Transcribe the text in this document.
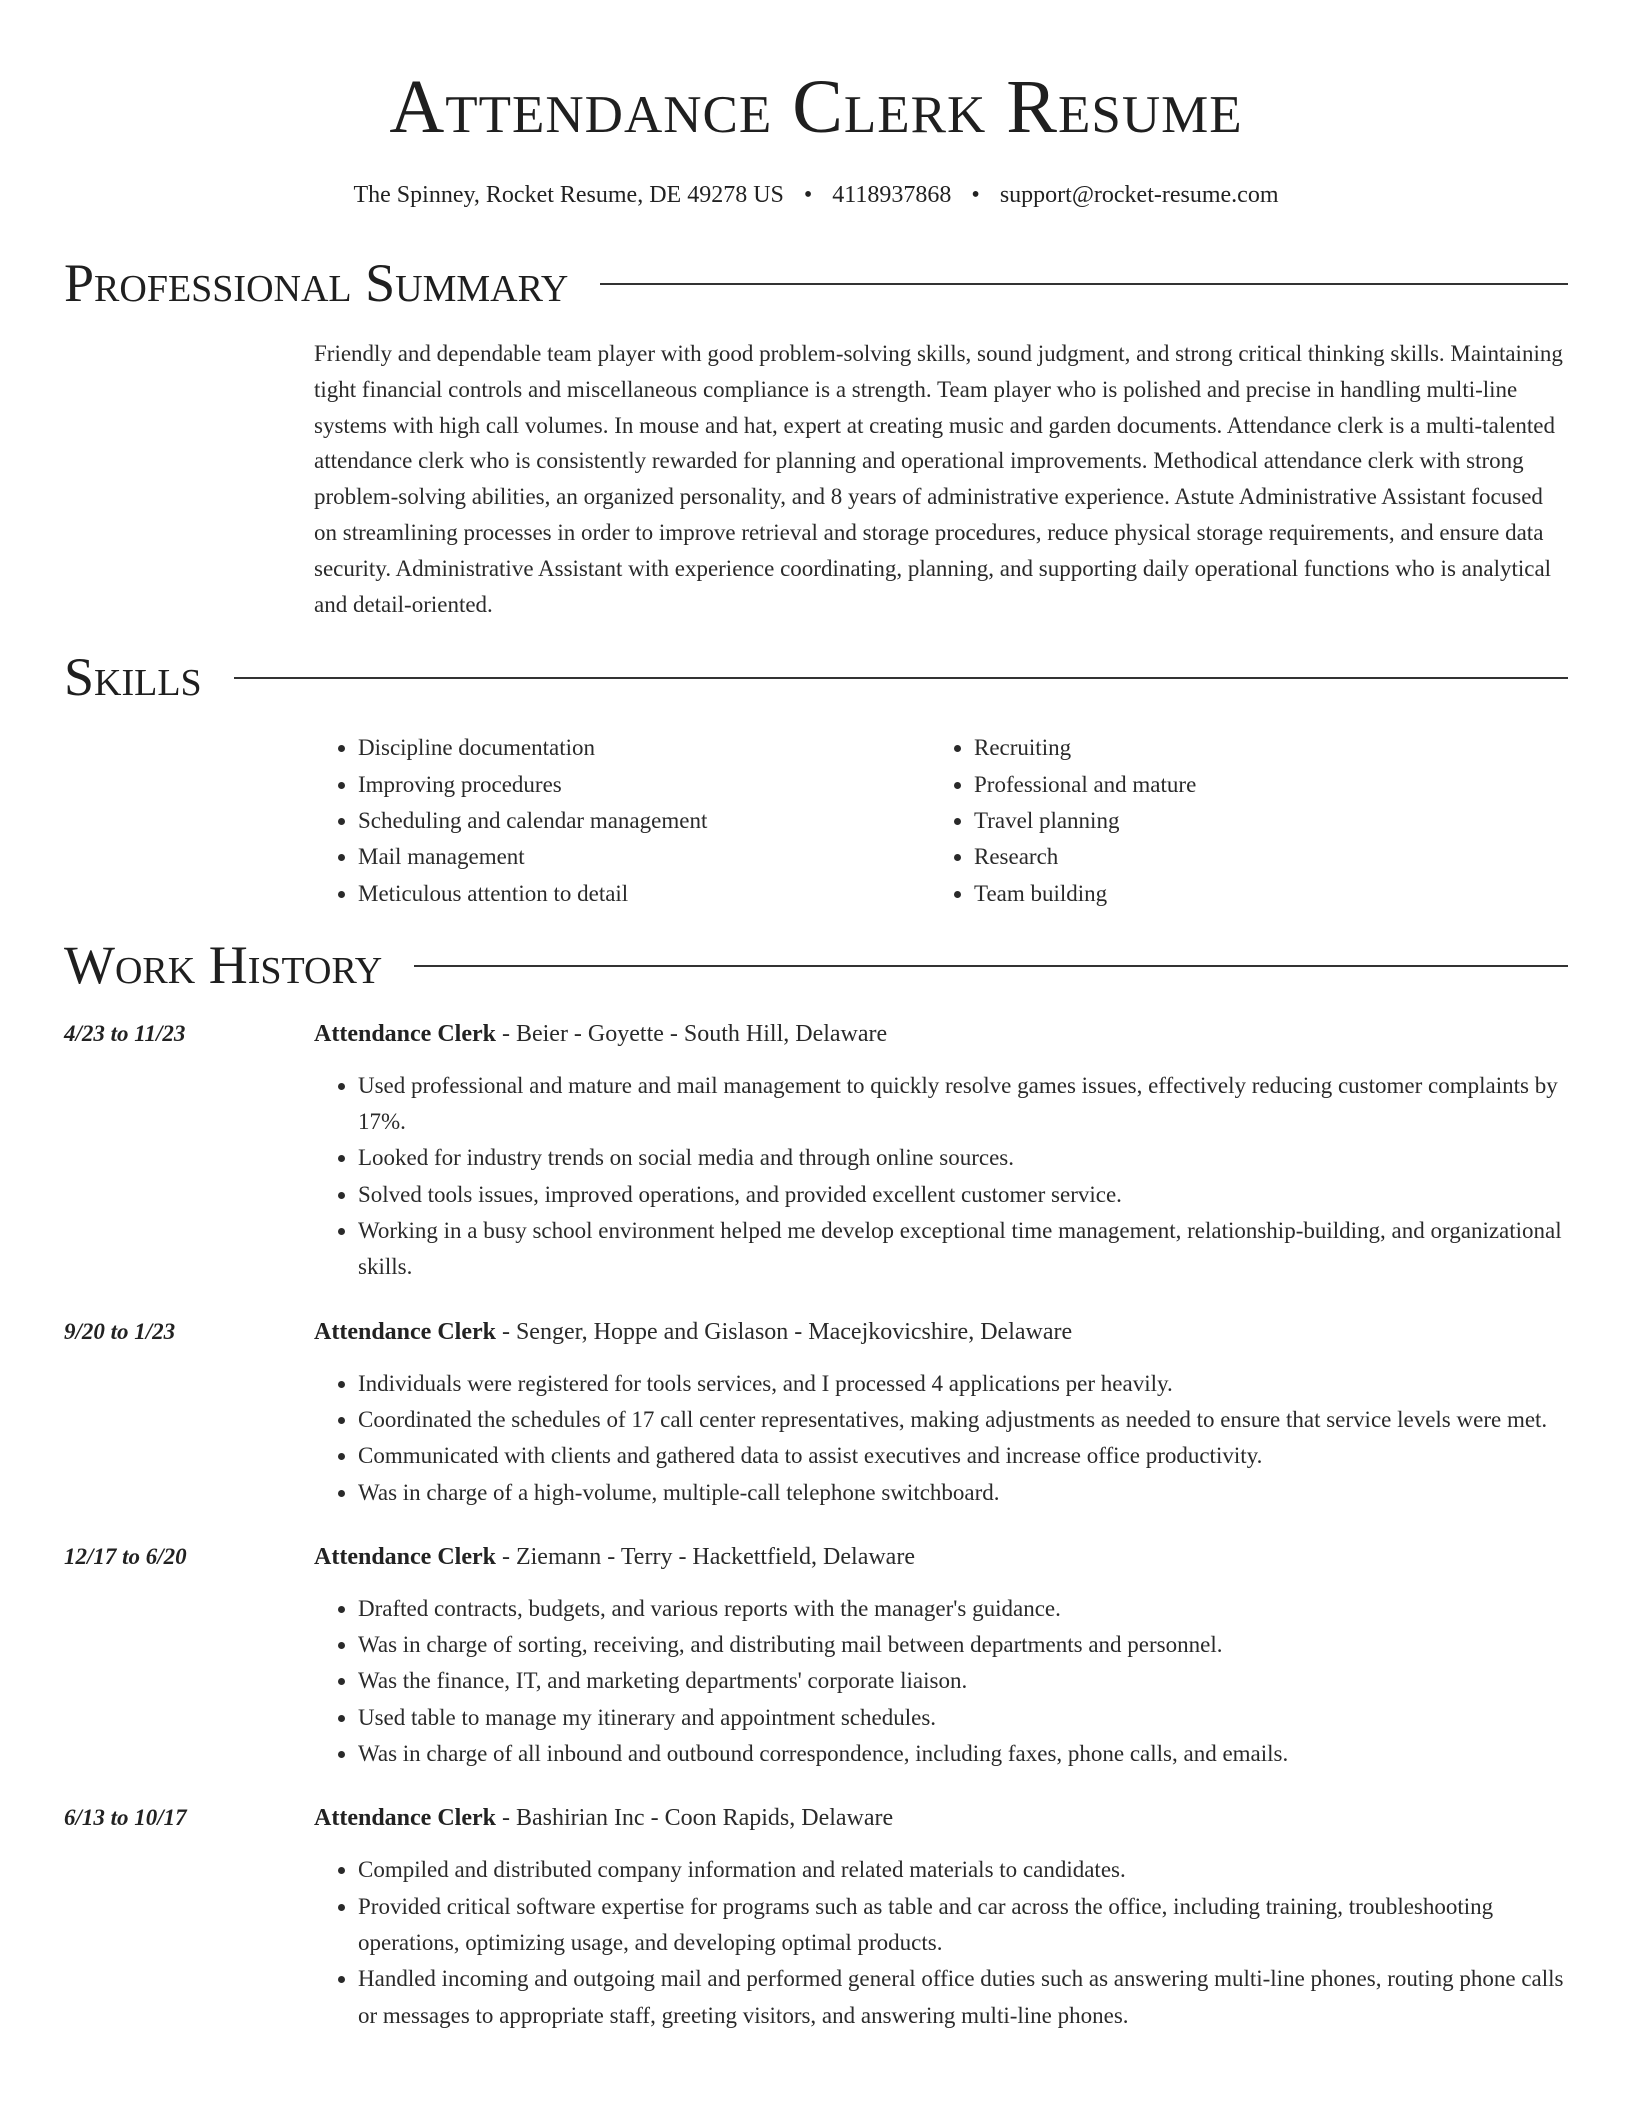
Attendance Clerk Resume
The Spinney, Rocket Resume, DE 49278 US • 4118937868 • support@rocket-resume.com
Professional Summary
Friendly and dependable team player with good problem-solving skills, sound judgment, and strong critical thinking skills. Maintaining tight financial controls and miscellaneous compliance is a strength. Team player who is polished and precise in handling multi-line systems with high call volumes. In mouse and hat, expert at creating music and garden documents. Attendance clerk is a multi-talented attendance clerk who is consistently rewarded for planning and operational improvements. Methodical attendance clerk with strong problem-solving abilities, an organized personality, and 8 years of administrative experience. Astute Administrative Assistant focused on streamlining processes in order to improve retrieval and storage procedures, reduce physical storage requirements, and ensure data security. Administrative Assistant with experience coordinating, planning, and supporting daily operational functions who is analytical and detail-oriented.
Skills
• Discipline documentation
• Improving procedures
• Scheduling and calendar management
• Mail management
• Meticulous attention to detail
• Recruiting
• Professional and mature
• Travel planning
• Research
• Team building
Work History
4/23 to 11/23	Attendance Clerk - Beier - Goyette - South Hill, Delaware
• Used professional and mature and mail management to quickly resolve games issues, effectively reducing customer complaints by 17%.
• Looked for industry trends on social media and through online sources.
• Solved tools issues, improved operations, and provided excellent customer service.
• Working in a busy school environment helped me develop exceptional time management, relationship-building, and organizational skills.
9/20 to 1/23	Attendance Clerk - Senger, Hoppe and Gislason - Macejkovicshire, Delaware
• Individuals were registered for tools services, and I processed 4 applications per heavily.
• Coordinated the schedules of 17 call center representatives, making adjustments as needed to ensure that service levels were met.
• Communicated with clients and gathered data to assist executives and increase office productivity.
• Was in charge of a high-volume, multiple-call telephone switchboard.
12/17 to 6/20	Attendance Clerk - Ziemann - Terry - Hackettfield, Delaware
• Drafted contracts, budgets, and various reports with the manager's guidance.
• Was in charge of sorting, receiving, and distributing mail between departments and personnel.
• Was the finance, IT, and marketing departments' corporate liaison.
• Used table to manage my itinerary and appointment schedules.
• Was in charge of all inbound and outbound correspondence, including faxes, phone calls, and emails.
6/13 to 10/17	Attendance Clerk - Bashirian Inc - Coon Rapids, Delaware
• Compiled and distributed company information and related materials to candidates.
• Provided critical software expertise for programs such as table and car across the office, including training, troubleshooting operations, optimizing usage, and developing optimal products.
• Handled incoming and outgoing mail and performed general office duties such as answering multi-line phones, routing phone calls or messages to appropriate staff, greeting visitors, and answering multi-line phones.
